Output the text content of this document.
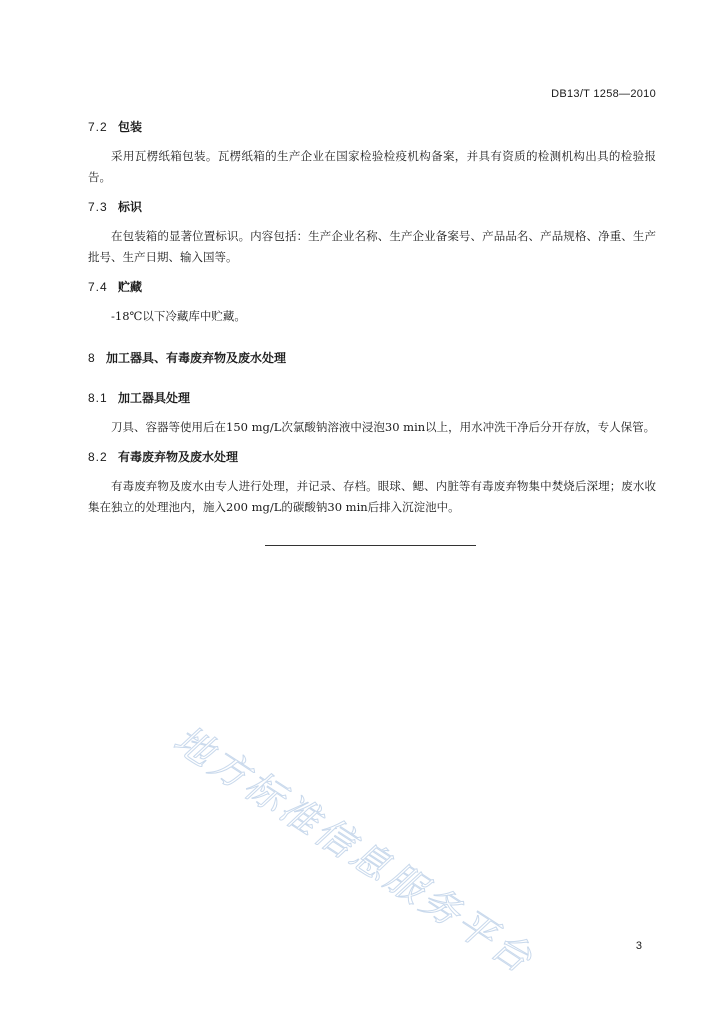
DB13/T 1258—2010
7.2 包装

采用瓦楞纸箱包装。瓦楞纸箱的生产企业在国家检验检疫机构备案，并具有资质的检测机构出具的检验报告。

7.3 标识

在包装箱的显著位置标识。内容包括：生产企业名称、生产企业备案号、产品品名、产品规格、净重、生产批号、生产日期、输入国等。

7.4 贮藏

-18℃以下冷藏库中贮藏。

8 加工器具、有毒废弃物及废水处理
8.1 加工器具处理

刀具、容器等使用后在150 mg/L次氯酸钠溶液中浸泡30 min以上，用水冲洗干净后分开存放，专人保管。

8.2 有毒废弃物及废水处理

有毒废弃物及废水由专人进行处理，并记录、存档。眼球、鳃、内脏等有毒废弃物集中焚烧后深埋；废水收集在独立的处理池内，施入200 mg/L的碳酸钠30 min后排入沉淀池中。

地方标准信息服务平台	3
